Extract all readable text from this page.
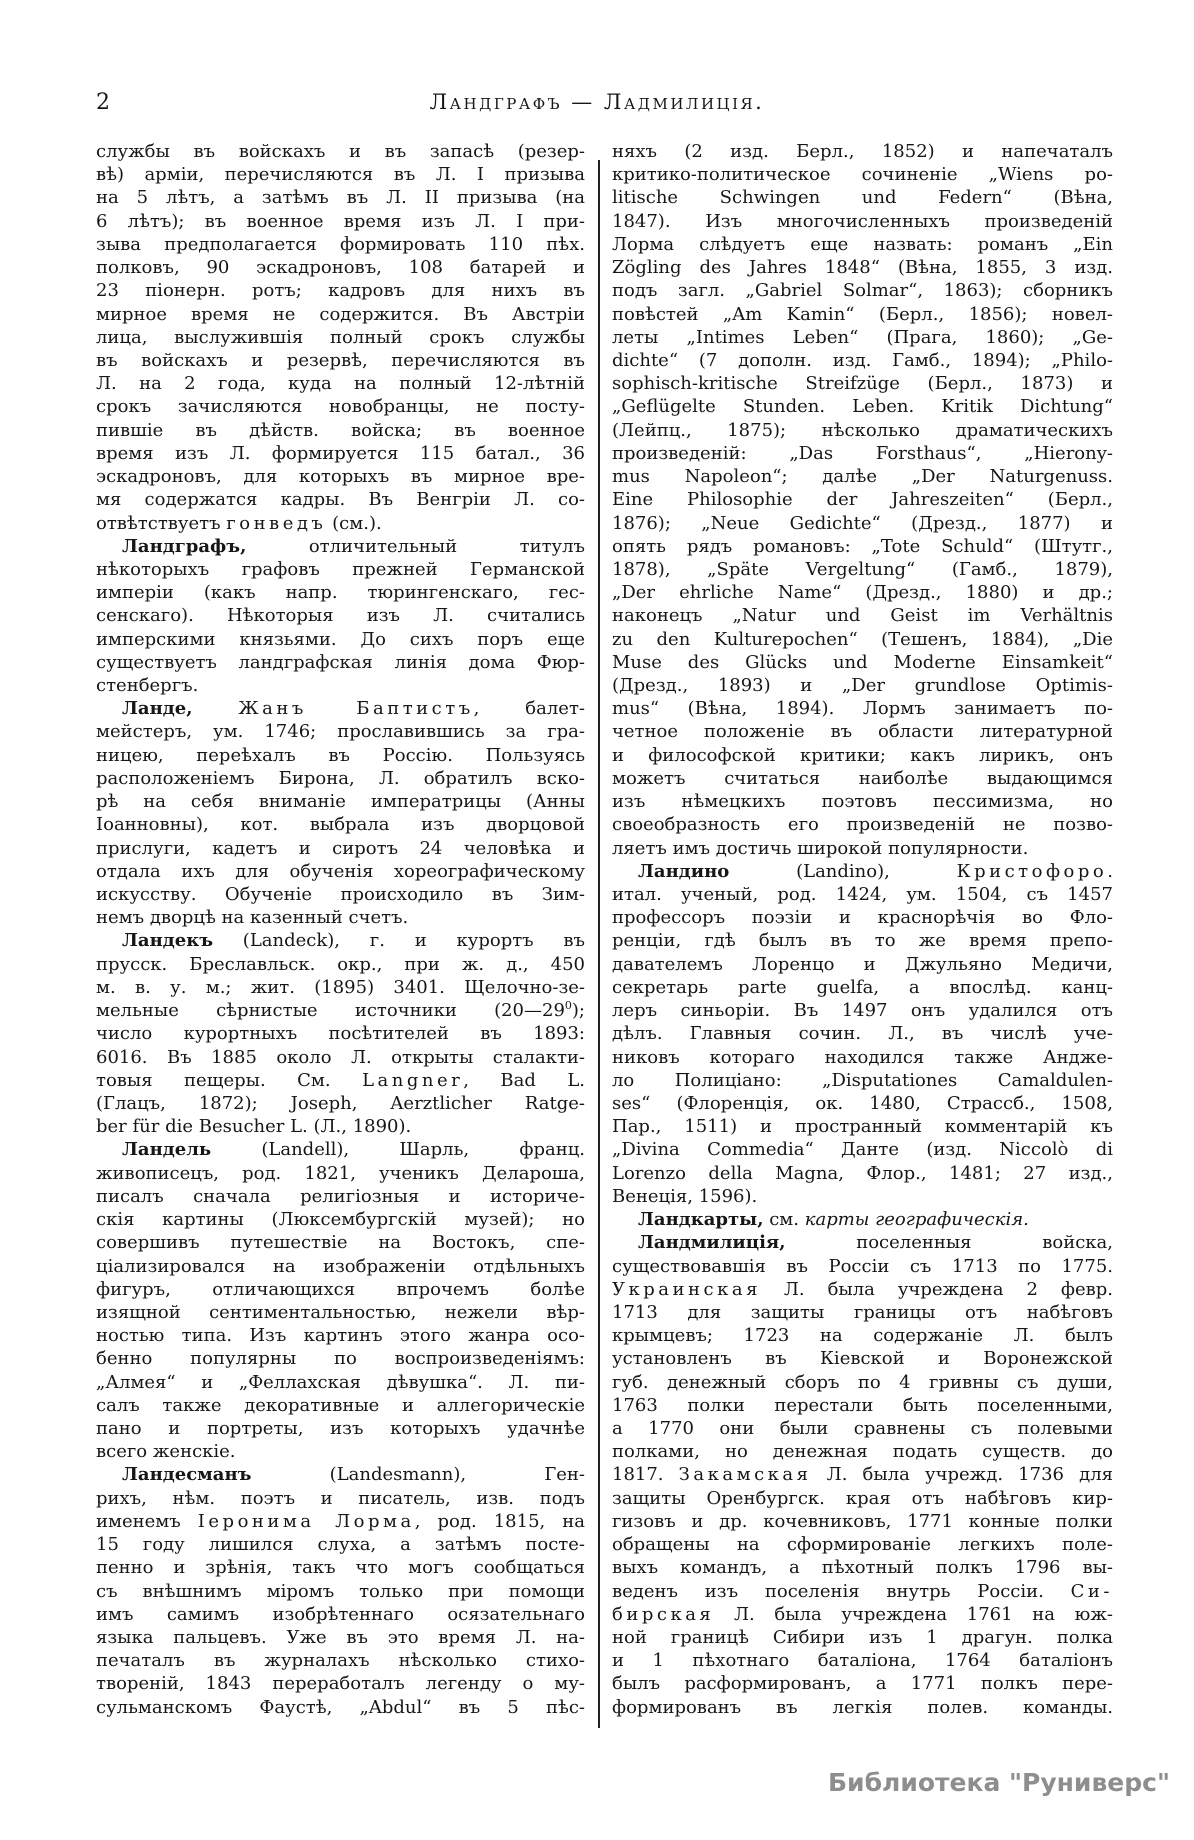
2	Ландграфъ — Ладмилиція.
службы въ войскахъ и въ запасѣ (резер-
вѣ) арміи, перечисляются въ Л. I призыва
на 5 лѣтъ, а затѣмъ въ Л. II призыва (на
6 лѣтъ); въ военное время изъ Л. I при-
зыва предполагается формировать 110 пѣх.
полковъ, 90 эскадроновъ, 108 батарей и
23 піонерн. ротъ; кадровъ для нихъ въ
мирное время не содержится. Въ Австріи
лица, выслужившія полный срокъ службы
въ войскахъ и резервѣ, перечисляются въ
Л. на 2 года, куда на полный 12-лѣтній
срокъ зачисляются новобранцы, не посту-
пившіе въ дѣйств. войска; въ военное
время изъ Л. формируется 115 батал., 36
эскадроновъ, для которыхъ въ мирное вре-
мя содержатся кадры. Въ Венгріи Л. со-
отвѣтствуетъ гонведъ (см.).
Ландграфъ, отличительный титулъ
нѣкоторыхъ графовъ прежней Германской
имперіи (какъ напр. тюрингенскаго, гес-
сенскаго). Нѣкоторыя изъ Л. считались
имперскими князьями. До сихъ поръ еще
существуетъ ландграфская линія дома Фюр-
стенбергъ.
Ланде,	Жанъ Баптистъ, балет-
мейстеръ, ум. 1746; прославившись за гра-
ницею, переѣхалъ въ Россію. Пользуясь
расположеніемъ Бирона, Л. обратилъ вско-
рѣ на себя вниманіе императрицы (Анны
Іоанновны), кот. выбрала изъ дворцовой
прислуги, кадетъ и сиротъ 24 человѣка и
отдала ихъ для обученія хореографическому
искусству. Обученіе происходило въ Зим-
немъ дворцѣ на казенный счетъ.
Ландекъ (Landeck), г. и курортъ въ
прусск. Бреславльск. окр., при ж. д., 450
м. в. у. м.; жит. (1895) 3401. Щелочно-зе-
мельные сѣрнистые источники $(20—29^0)$;
число курортныхъ посѣтителей въ 1893:
6016. Въ 1885 около Л. открыты сталакти-
товыя пещеры. См. Langner, Bad L.
(Глацъ, 1872); Joseph, Aerztlicher Ratge-
ber für die Besucher L. (Л., 1890).
Ландель (Landell), Шарль, франц.
живописецъ, род. 1821, ученикъ Делароша,
писалъ сначала религіозныя и историче-
скія картины (Люксембургскій музей); но
совершивъ путешествіе на Востокъ, спе-
ціализировался на изображеніи отдѣльныхъ
фигуръ, отличающихся впрочемъ болѣе
изящной сентиментальностью, нежели вѣр-
ностью типа. Изъ картинъ этого жанра осо-
бенно популярны по воспроизведеніямъ:
„Алмея“ и „Феллахская дѣвушка“. Л. пи-
салъ также декоративные и аллегорическіе
пано и портреты, изъ которыхъ удачнѣе
всего женскіе.
Ландесманъ (Landesmann), Ген-
рихъ, нѣм. поэтъ и писатель, изв. подъ
именемъ Іеронима Лорма, род. 1815, на
15 году лишился слуха, а затѣмъ посте-
пенно и зрѣнія, такъ что могъ сообщаться
съ внѣшнимъ міромъ только при помощи
имъ самимъ изобрѣтеннаго осязательнаго
языка пальцевъ. Уже въ это время Л. на-
печаталъ въ журналахъ нѣсколько стихо-
твореній, 1843 переработалъ легенду о му-
сульманскомъ Фаустѣ, „Abdul“ въ 5 пѣс-
няхъ (2 изд. Берл., 1852) и напечаталъ
критико-политическое сочиненіе „Wiens po-
litische Schwingen und Federn“ (Вѣна,
1847). Изъ многочисленныхъ произведеній
Лорма слѣдуетъ еще назвать: романъ „Ein
Zögling des Jahres 1848“ (Вѣна, 1855, 3 изд.
подъ загл. „Gabriel Solmar“, 1863); сборникъ
повѣстей „Am Kamin“ (Берл., 1856); новел-
леты „Intimes Leben“ (Прага, 1860); „Ge-
dichte“ (7 дополн. изд. Гамб., 1894); „Philo-
sophisch-kritische Streifzüge (Берл., 1873) и
„Geflügelte Stunden. Leben. Kritik Dichtung“
(Лейпц., 1875); нѣсколько драматическихъ
произведеній: „Das Forsthaus“, „Hierony-
mus Napoleon“; далѣе „Der Naturgenuss.
Eine Philosophie der Jahreszeiten“ (Берл.,
1876); „Neue Gedichte“ (Дрезд., 1877) и
опять рядъ романовъ: „Tote Schuld“ (Штутг.,
1878), „Späte Vergeltung“ (Гамб., 1879),
„Der ehrliche Name“ (Дрезд., 1880) и др.;
наконецъ „Natur und Geist im Verhältnis
zu den Kulturepochen“ (Тешенъ, 1884), „Die
Muse des Glücks und Moderne Einsamkeit“
(Дрезд., 1893) и „Der grundlose Optimis-
mus“ (Вѣна, 1894). Лормъ занимаетъ по-
четное положеніе въ области литературной
и философской критики; какъ лирикъ, онъ
можетъ считаться наиболѣе выдающимся
изъ нѣмецкихъ поэтовъ пессимизма, но
своеобразность его произведеній не позво-
ляетъ имъ достичь широкой популярности.
Ландино (Landino), Кристофоро.
итал. ученый, род. 1424, ум. 1504, съ 1457
профессоръ поэзіи и краснорѣчія во Фло-
ренціи, гдѣ былъ въ то же время препо-
давателемъ Лоренцо и Джульяно Медичи,
секретарь parte guelfa, а впослѣд. канц-
леръ синьоріи. Въ 1497 онъ удалился отъ
дѣлъ. Главныя сочин. Л., въ числѣ уче-
никовъ котораго находился также Андже-
ло Полиціано: „Disputationes Camaldulen-
ses“ (Флоренція, ок. 1480, Страссб., 1508,
Пар., 1511) и пространный комментарій къ
„Divina Commedia“ Данте (изд. Niccolò di
Lorenzo della Magna, Флор., 1481; 27 изд.,
Венеція, 1596).
Ландкарты, см. карты географическія.
Ландмилиція, поселенныя войска,
существовавшія въ Россіи съ 1713 по 1775.
Украинская Л. была учреждена 2 февр.
1713 для защиты границы отъ набѣговъ
крымцевъ; 1723 на содержаніе Л. былъ
установленъ въ Кіевской и Воронежской
губ. денежный сборъ по 4 гривны съ души,
1763 полки перестали быть поселенными,
а 1770 они были сравнены съ полевыми
полками, но денежная подать существ. до
1817. Закамская Л. была учрежд. 1736 для
защиты Оренбургск. края отъ набѣговъ кир-
гизовъ и др. кочевниковъ, 1771 конные полки
обращены на сформированіе легкихъ поле-
выхъ командъ, а пѣхотный полкъ 1796 вы-
веденъ изъ поселенія внутрь Россіи. Си-
бирская Л. была учреждена 1761 на юж-
ной границѣ Сибири изъ 1 драгун. полка
и 1 пѣхотнаго баталіона, 1764 баталіонъ
былъ расформированъ, а 1771 полкъ пере-
формированъ въ легкія полев. команды.
Библиотека "Руниверс"
